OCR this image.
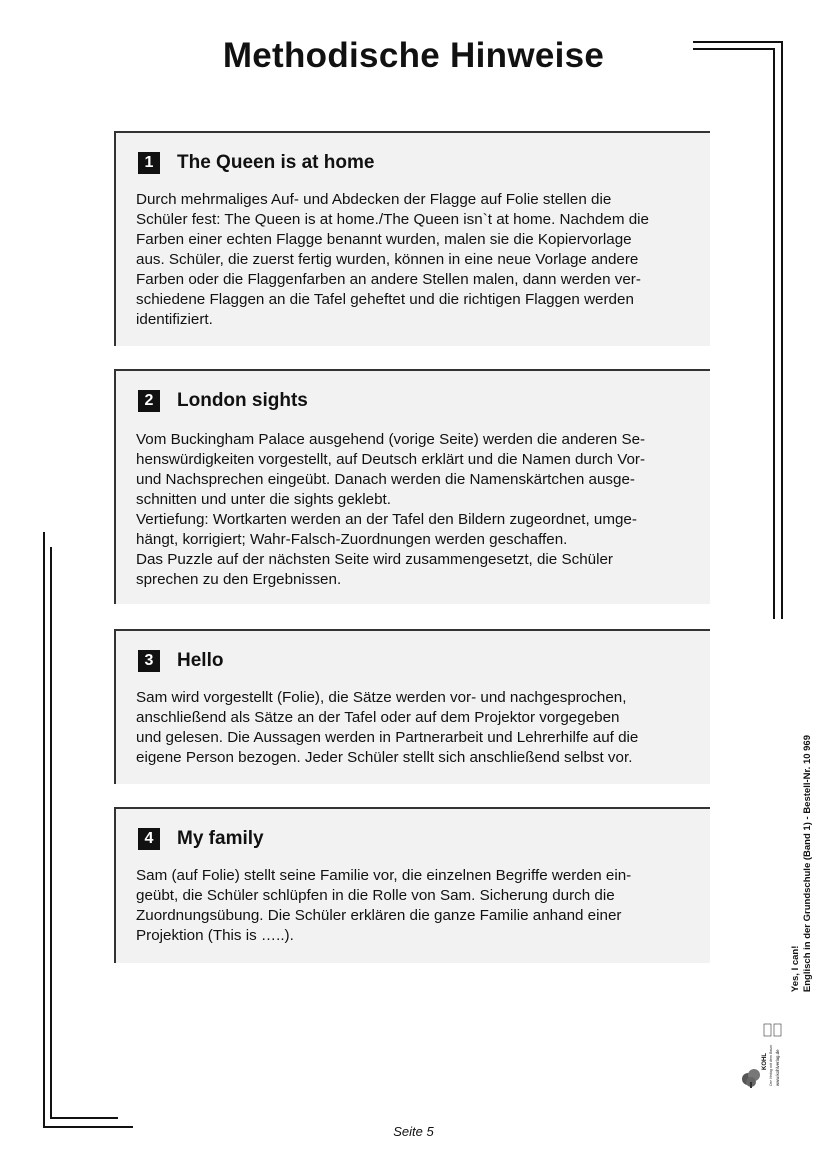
Methodische Hinweise
1	The Queen is at home

Durch mehrmaliges Auf- und Abdecken der Flagge auf Folie stellen die

Schüler fest: The Queen is at home./The Queen isn`t at home. Nachdem die

Farben einer echten Flagge benannt wurden, malen sie die Kopiervorlage

aus. Schüler, die zuerst fertig wurden, können in eine neue Vorlage andere

Farben oder die Flaggenfarben an andere Stellen malen, dann werden ver-

schiedene Flaggen an die Tafel geheftet und die richtigen Flaggen werden

identifiziert.

2	London sights

Vom Buckingham Palace ausgehend (vorige Seite) werden die anderen Se-

henswürdigkeiten vorgestellt, auf Deutsch erklärt und die Namen durch Vor-

und Nachsprechen eingeübt. Danach werden die Namenskärtchen ausge-

schnitten und unter die sights geklebt.

Vertiefung: Wortkarten werden an der Tafel den Bildern zugeordnet, umge-

hängt, korrigiert; Wahr-Falsch-Zuordnungen werden geschaffen.

Das Puzzle auf der nächsten Seite wird zusammengesetzt, die Schüler

sprechen zu den Ergebnissen.

3	Hello

Sam wird vorgestellt (Folie), die Sätze werden vor- und nachgesprochen,

anschließend als Sätze an der Tafel oder auf dem Projektor vorgegeben

und gelesen. Die Aussagen werden in Partnerarbeit und Lehrerhilfe auf die

eigene Person bezogen. Jeder Schüler stellt sich anschließend selbst vor.

4	My family

Sam (auf Folie) stellt seine Familie vor, die einzelnen Begriffe werden ein-

geübt, die Schüler schlüpfen in die Rolle von Sam. Sicherung durch die

Zuordnungsübung. Die Schüler erklären die ganze Familie anhand einer

Projektion (This is …..).

Yes, I can! Englisch in der Grundschule (Band 1) - Bestell-Nr. 10 969
KOHL Der Verlag mit dem Baum www.kohlverlag.de
Seite 5
